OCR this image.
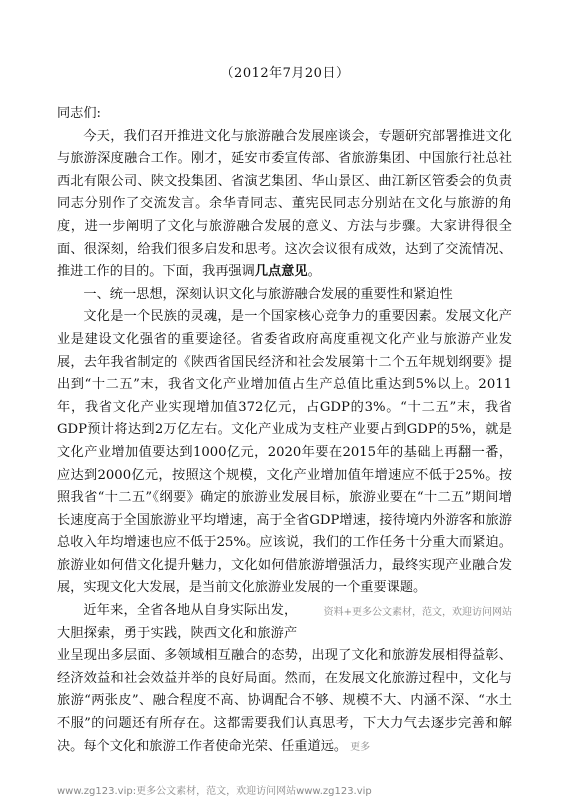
（2012年7月20日）

同志们:

今天，我们召开推进文化与旅游融合发展座谈会，专题研究部署推进文化与旅游深度融合工作。刚才，延安市委宣传部、省旅游集团、中国旅行社总社西北有限公司、陕文投集团、省演艺集团、华山景区、曲江新区管委会的负责同志分别作了交流发言。余华青同志、董宪民同志分别站在文化与旅游的角度，进一步阐明了文化与旅游融合发展的意义、方法与步骤。大家讲得很全面、很深刻，给我们很多启发和思考。这次会议很有成效，达到了交流情况、推进工作的目的。下面，我再强调几点意见。

一、统一思想，深刻认识文化与旅游融合发展的重要性和紧迫性

文化是一个民族的灵魂，是一个国家核心竞争力的重要因素。发展文化产业是建设文化强省的重要途径。省委省政府高度重视文化产业与旅游产业发展，去年我省制定的《陕西省国民经济和社会发展第十二个五年规划纲要》提出到“十二五”末，我省文化产业增加值占生产总值比重达到5%以上。2011年，我省文化产业实现增加值372亿元，占GDP的3%。“十二五”末，我省GDP预计将达到2万亿左右。文化产业成为支柱产业要占到GDP的5%，就是文化产业增加值要达到1000亿元，2020年要在2015年的基础上再翻一番，应达到2000亿元，按照这个规模，文化产业增加值年增速应不低于25%。按照我省“十二五”《纲要》确定的旅游业发展目标，旅游业要在“十二五”期间增长速度高于全国旅游业平均增速，高于全省GDP增速，接待境内外游客和旅游总收入年均增速也应不低于25%。应该说，我们的工作任务十分重大而紧迫。旅游业如何借文化提升魅力，文化如何借旅游增强活力，最终实现产业融合发展，实现文化大发展，是当前文化旅游业发展的一个重要课题。

资料+更多公文素材，范文，欢迎访问网站
近年来，全省各地从自身实际出发，大胆探索，勇于实践，陕西文化和旅游产业呈现出多层面、多领域相互融合的态势，出现了文化和旅游发展相得益彰、经济效益和社会效益并举的良好局面。然而，在发展文化旅游过程中，文化与旅游“两张皮”、融合程度不高、协调配合不够、规模不大、内涵不深、“水土不服”的问题还有所存在。这都需要我们认真思考，下大力气去逐步完善和解决。每个文化和旅游工作者使命光荣、任重道远。 更多

www.zg123.vip:更多公文素材，范文，欢迎访问网站www.zg123.vip
